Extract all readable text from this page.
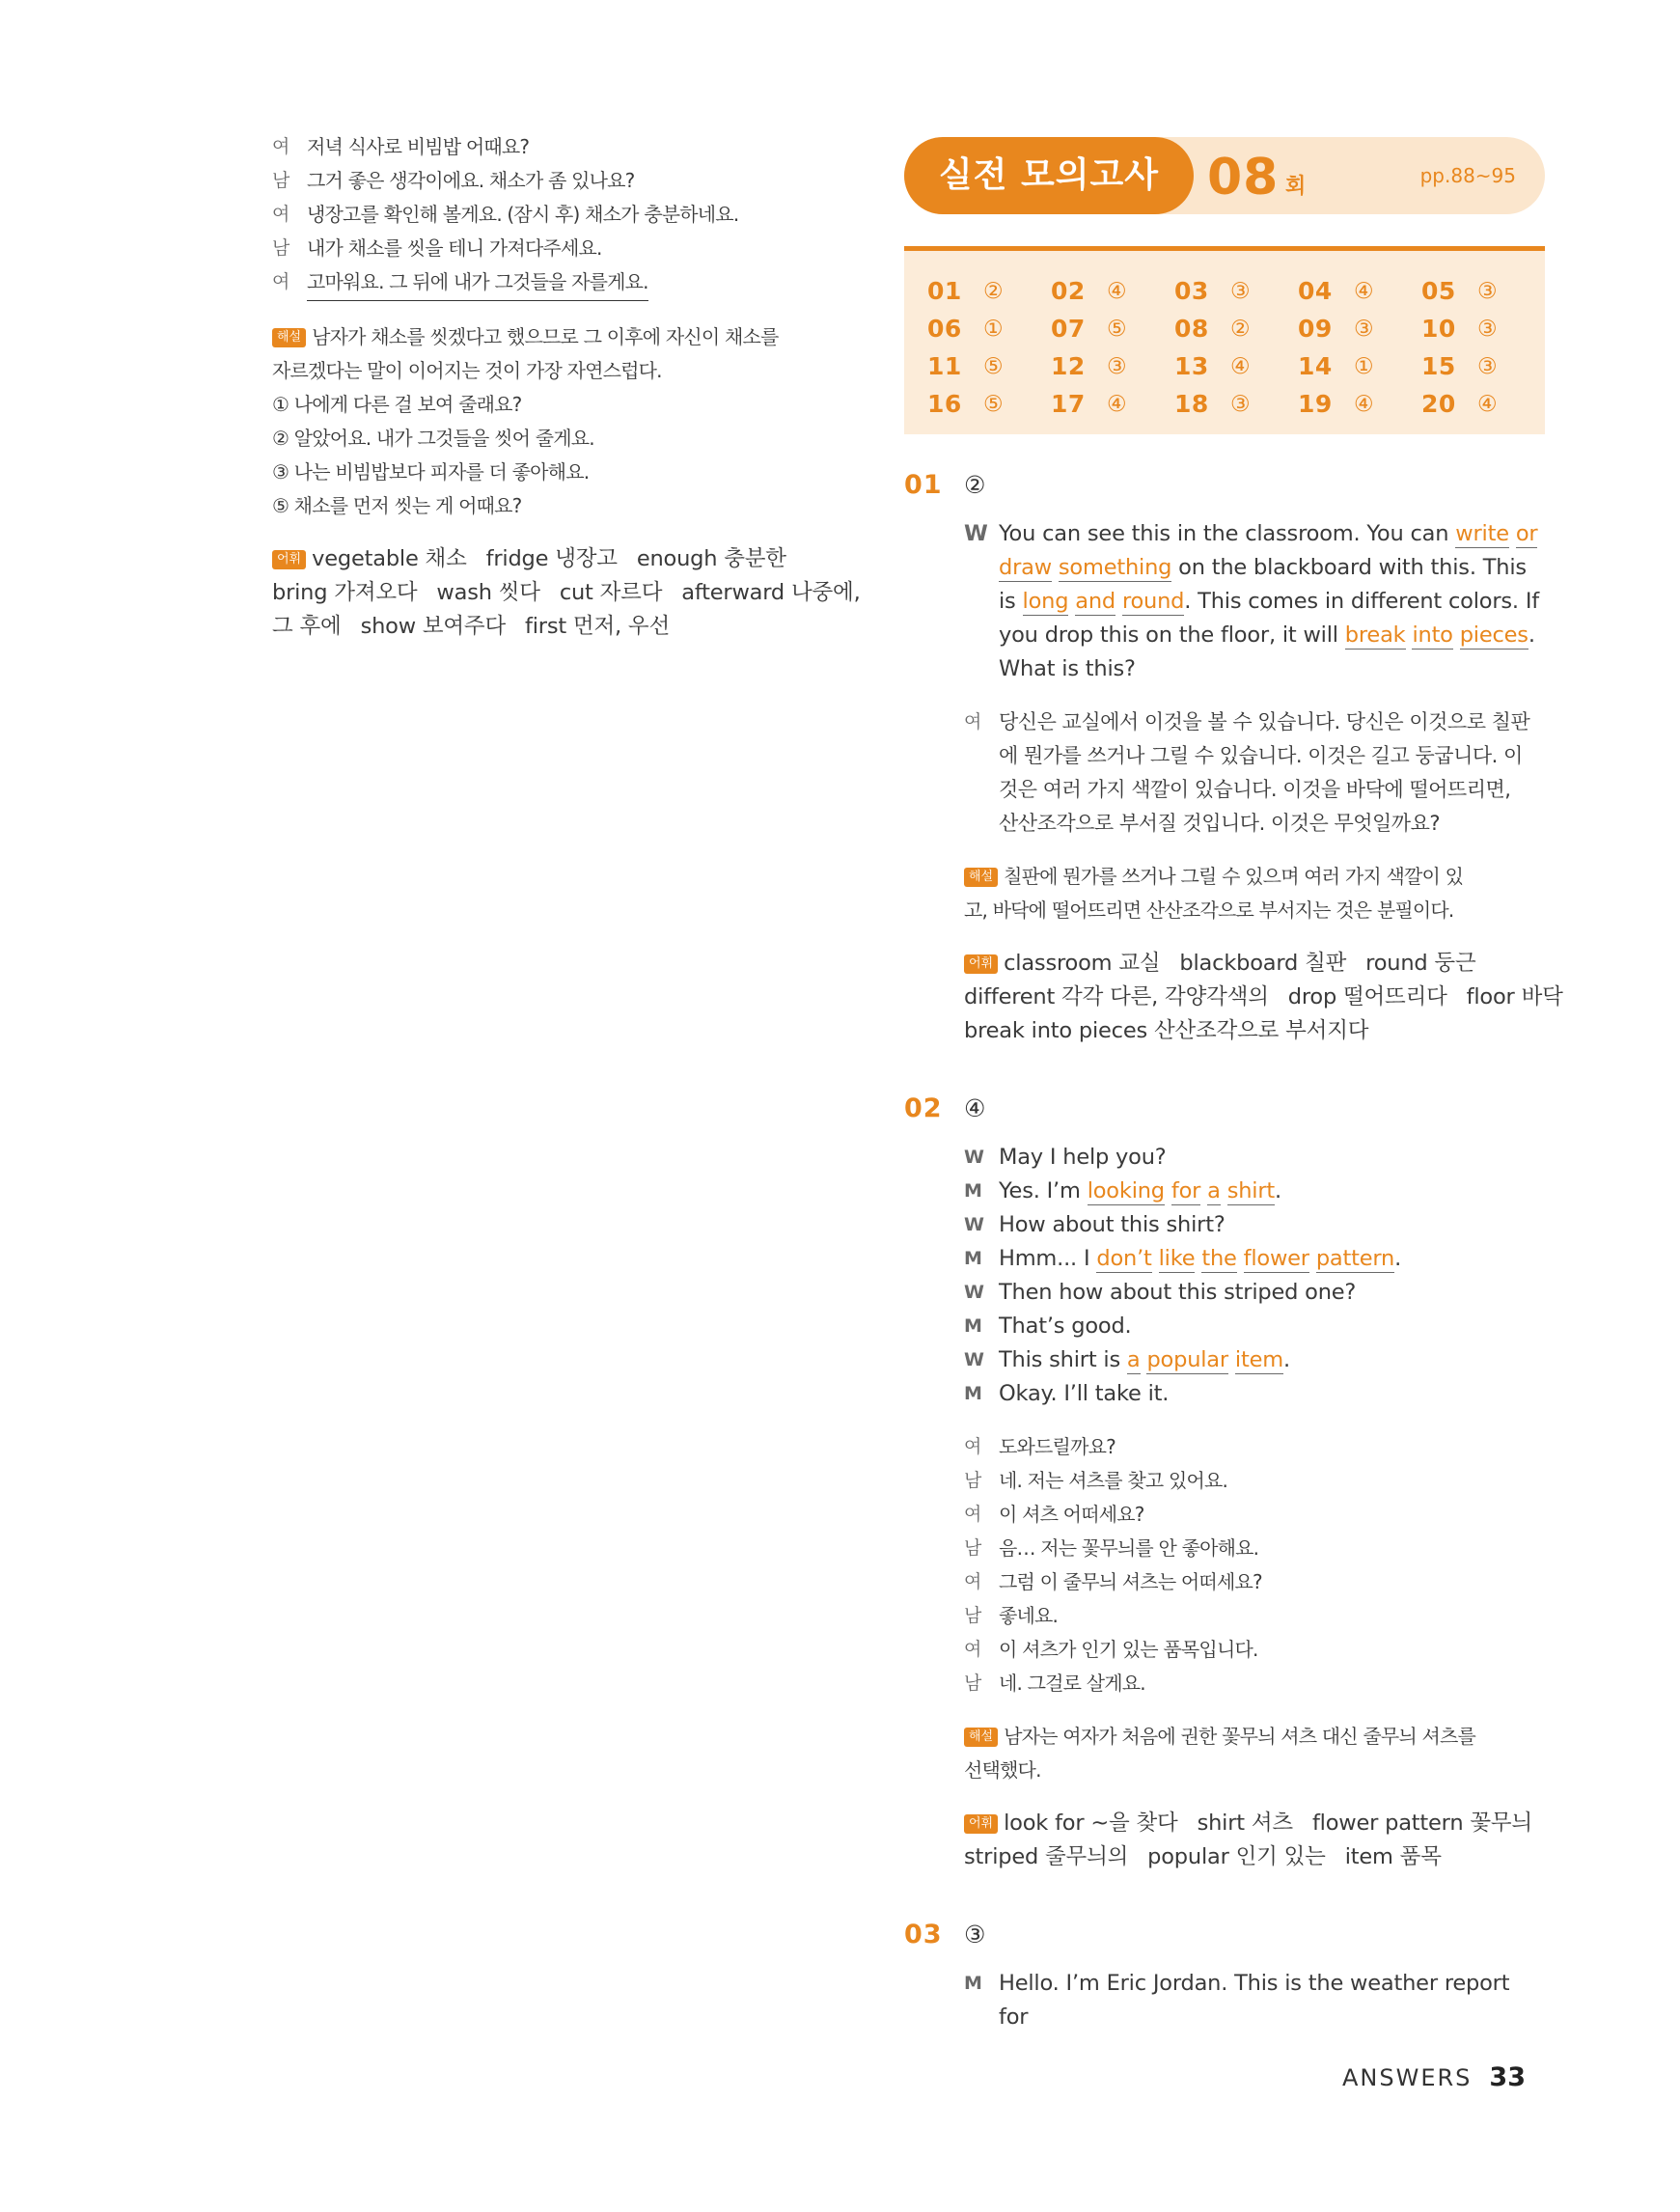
여 저녁 식사로 비빔밥 어때요?
남 그거 좋은 생각이에요. 채소가 좀 있나요?
여 냉장고를 확인해 볼게요. (잠시 후) 채소가 충분하네요.
남 내가 채소를 씻을 테니 가져다주세요.
여 고마워요. 그 뒤에 내가 그것들을 자를게요.
해설 남자가 채소를 씻겠다고 했으므로 그 이후에 자신이 채소를
자르겠다는 말이 이어지는 것이 가장 자연스럽다.
① 나에게 다른 걸 보여 줄래요?
② 알았어요. 내가 그것들을 씻어 줄게요.
③ 나는 비빔밥보다 피자를 더 좋아해요.
⑤ 채소를 먼저 씻는 게 어때요?
어휘 vegetable 채소 fridge 냉장고 enough 충분한
bring 가져오다 wash 씻다 cut 자르다 afterward 나중에,
그 후에 show 보여주다 first 먼저, 우선
실전 모의고사 08 회	pp.88~95
01 ② 02 ④ 03 ③ 04 ④ 05 ③
06 ① 07 ⑤ 08 ② 09 ③ 10 ③
11 ⑤ 12 ③ 13 ④ 14 ① 15 ③
16 ⑤ 17 ④ 18 ③ 19 ④ 20 ④
01 ②
W You can see this in the classroom. You can write or
draw something on the blackboard with this. This
is long and round. This comes in different colors. If
you drop this on the floor, it will break into pieces.
What is this?
여 당신은 교실에서 이것을 볼 수 있습니다. 당신은 이것으로 칠판
에 뭔가를 쓰거나 그릴 수 있습니다. 이것은 길고 둥굽니다. 이
것은 여러 가지 색깔이 있습니다. 이것을 바닥에 떨어뜨리면,
산산조각으로 부서질 것입니다. 이것은 무엇일까요?
해설 칠판에 뭔가를 쓰거나 그릴 수 있으며 여러 가지 색깔이 있
고, 바닥에 떨어뜨리면 산산조각으로 부서지는 것은 분필이다.
어휘 classroom 교실 blackboard 칠판 round 둥근
different 각각 다른, 각양각색의 drop 떨어뜨리다 floor 바닥
break into pieces 산산조각으로 부서지다
02 ④
W May I help you?
M Yes. I’m looking for a shirt.
W How about this shirt?
M Hmm... I don’t like the flower pattern.
W Then how about this striped one?
M That’s good.
W This shirt is a popular item.
M Okay. I’ll take it.
여 도와드릴까요?
남 네. 저는 셔츠를 찾고 있어요.
여 이 셔츠 어떠세요?
남 음… 저는 꽃무늬를 안 좋아해요.
여 그럼 이 줄무늬 셔츠는 어떠세요?
남 좋네요.
여 이 셔츠가 인기 있는 품목입니다.
남 네. 그걸로 살게요.
해설 남자는 여자가 처음에 권한 꽃무늬 셔츠 대신 줄무늬 셔츠를
선택했다.
어휘 look for ~을 찾다 shirt 셔츠 flower pattern 꽃무늬
striped 줄무늬의 popular 인기 있는 item 품목
03 ③
M Hello. I’m Eric Jordan. This is the weather report for
ANSWERS 33
